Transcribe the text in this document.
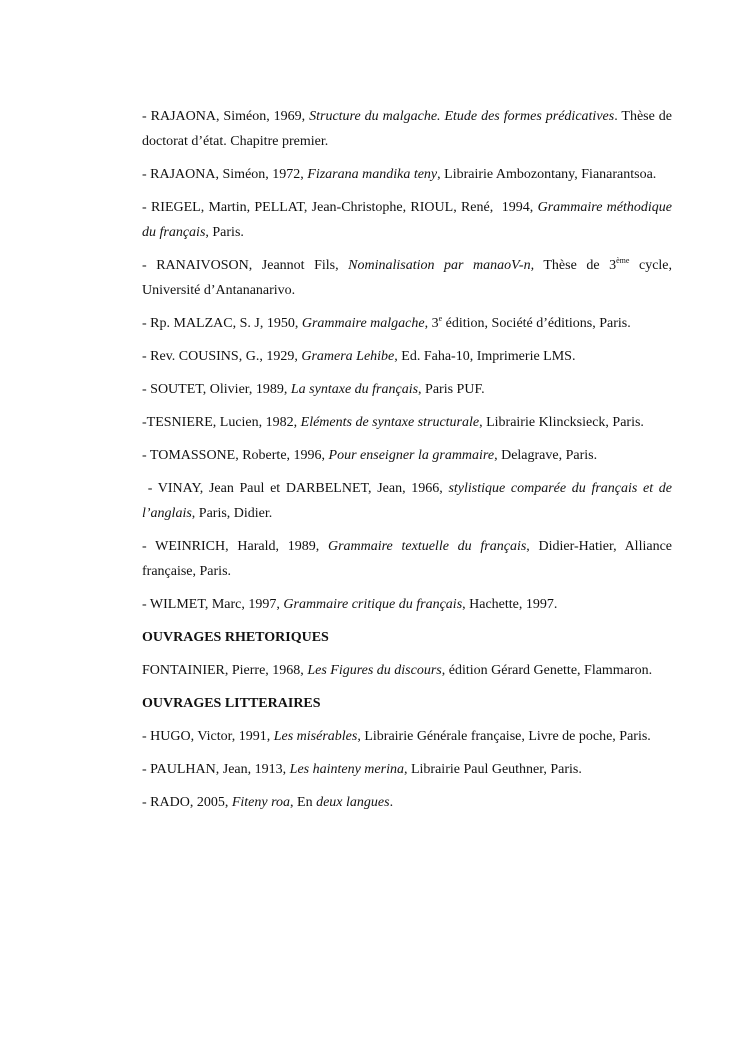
- RAJAONA, Siméon, 1969, Structure du malgache. Etude des formes prédicatives. Thèse de doctorat d’état. Chapitre premier.

- RAJAONA, Siméon, 1972, Fizarana mandika teny, Librairie Ambozontany, Fianarantsoa.

- RIEGEL, Martin, PELLAT, Jean-Christophe, RIOUL, René,  1994, Grammaire méthodique du français, Paris.

- RANAIVOSON, Jeannot Fils, Nominalisation par manaoV-n, Thèse de 3ème cycle, Université d’Antananarivo.

- Rp. MALZAC, S. J, 1950, Grammaire malgache, 3e édition, Société d’éditions, Paris.

- Rev. COUSINS, G., 1929, Gramera Lehibe, Ed. Faha-10, Imprimerie LMS.

- SOUTET, Olivier, 1989, La syntaxe du français, Paris PUF.

-TESNIERE, Lucien, 1982, Eléments de syntaxe structurale, Librairie Klincksieck, Paris.

- TOMASSONE, Roberte, 1996, Pour enseigner la grammaire, Delagrave, Paris.

- VINAY, Jean Paul et DARBELNET, Jean, 1966, stylistique comparée du français et de l’anglais, Paris, Didier.

- WEINRICH, Harald, 1989, Grammaire textuelle du français, Didier-Hatier, Alliance française, Paris.

- WILMET, Marc, 1997, Grammaire critique du français, Hachette, 1997.

OUVRAGES RHETORIQUES

FONTAINIER, Pierre, 1968, Les Figures du discours, édition Gérard Genette, Flammaron.

OUVRAGES LITTERAIRES

- HUGO, Victor, 1991, Les misérables, Librairie Générale française, Livre de poche, Paris.

- PAULHAN, Jean, 1913, Les hainteny merina, Librairie Paul Geuthner, Paris.

- RADO, 2005, Fiteny roa, En deux langues.
